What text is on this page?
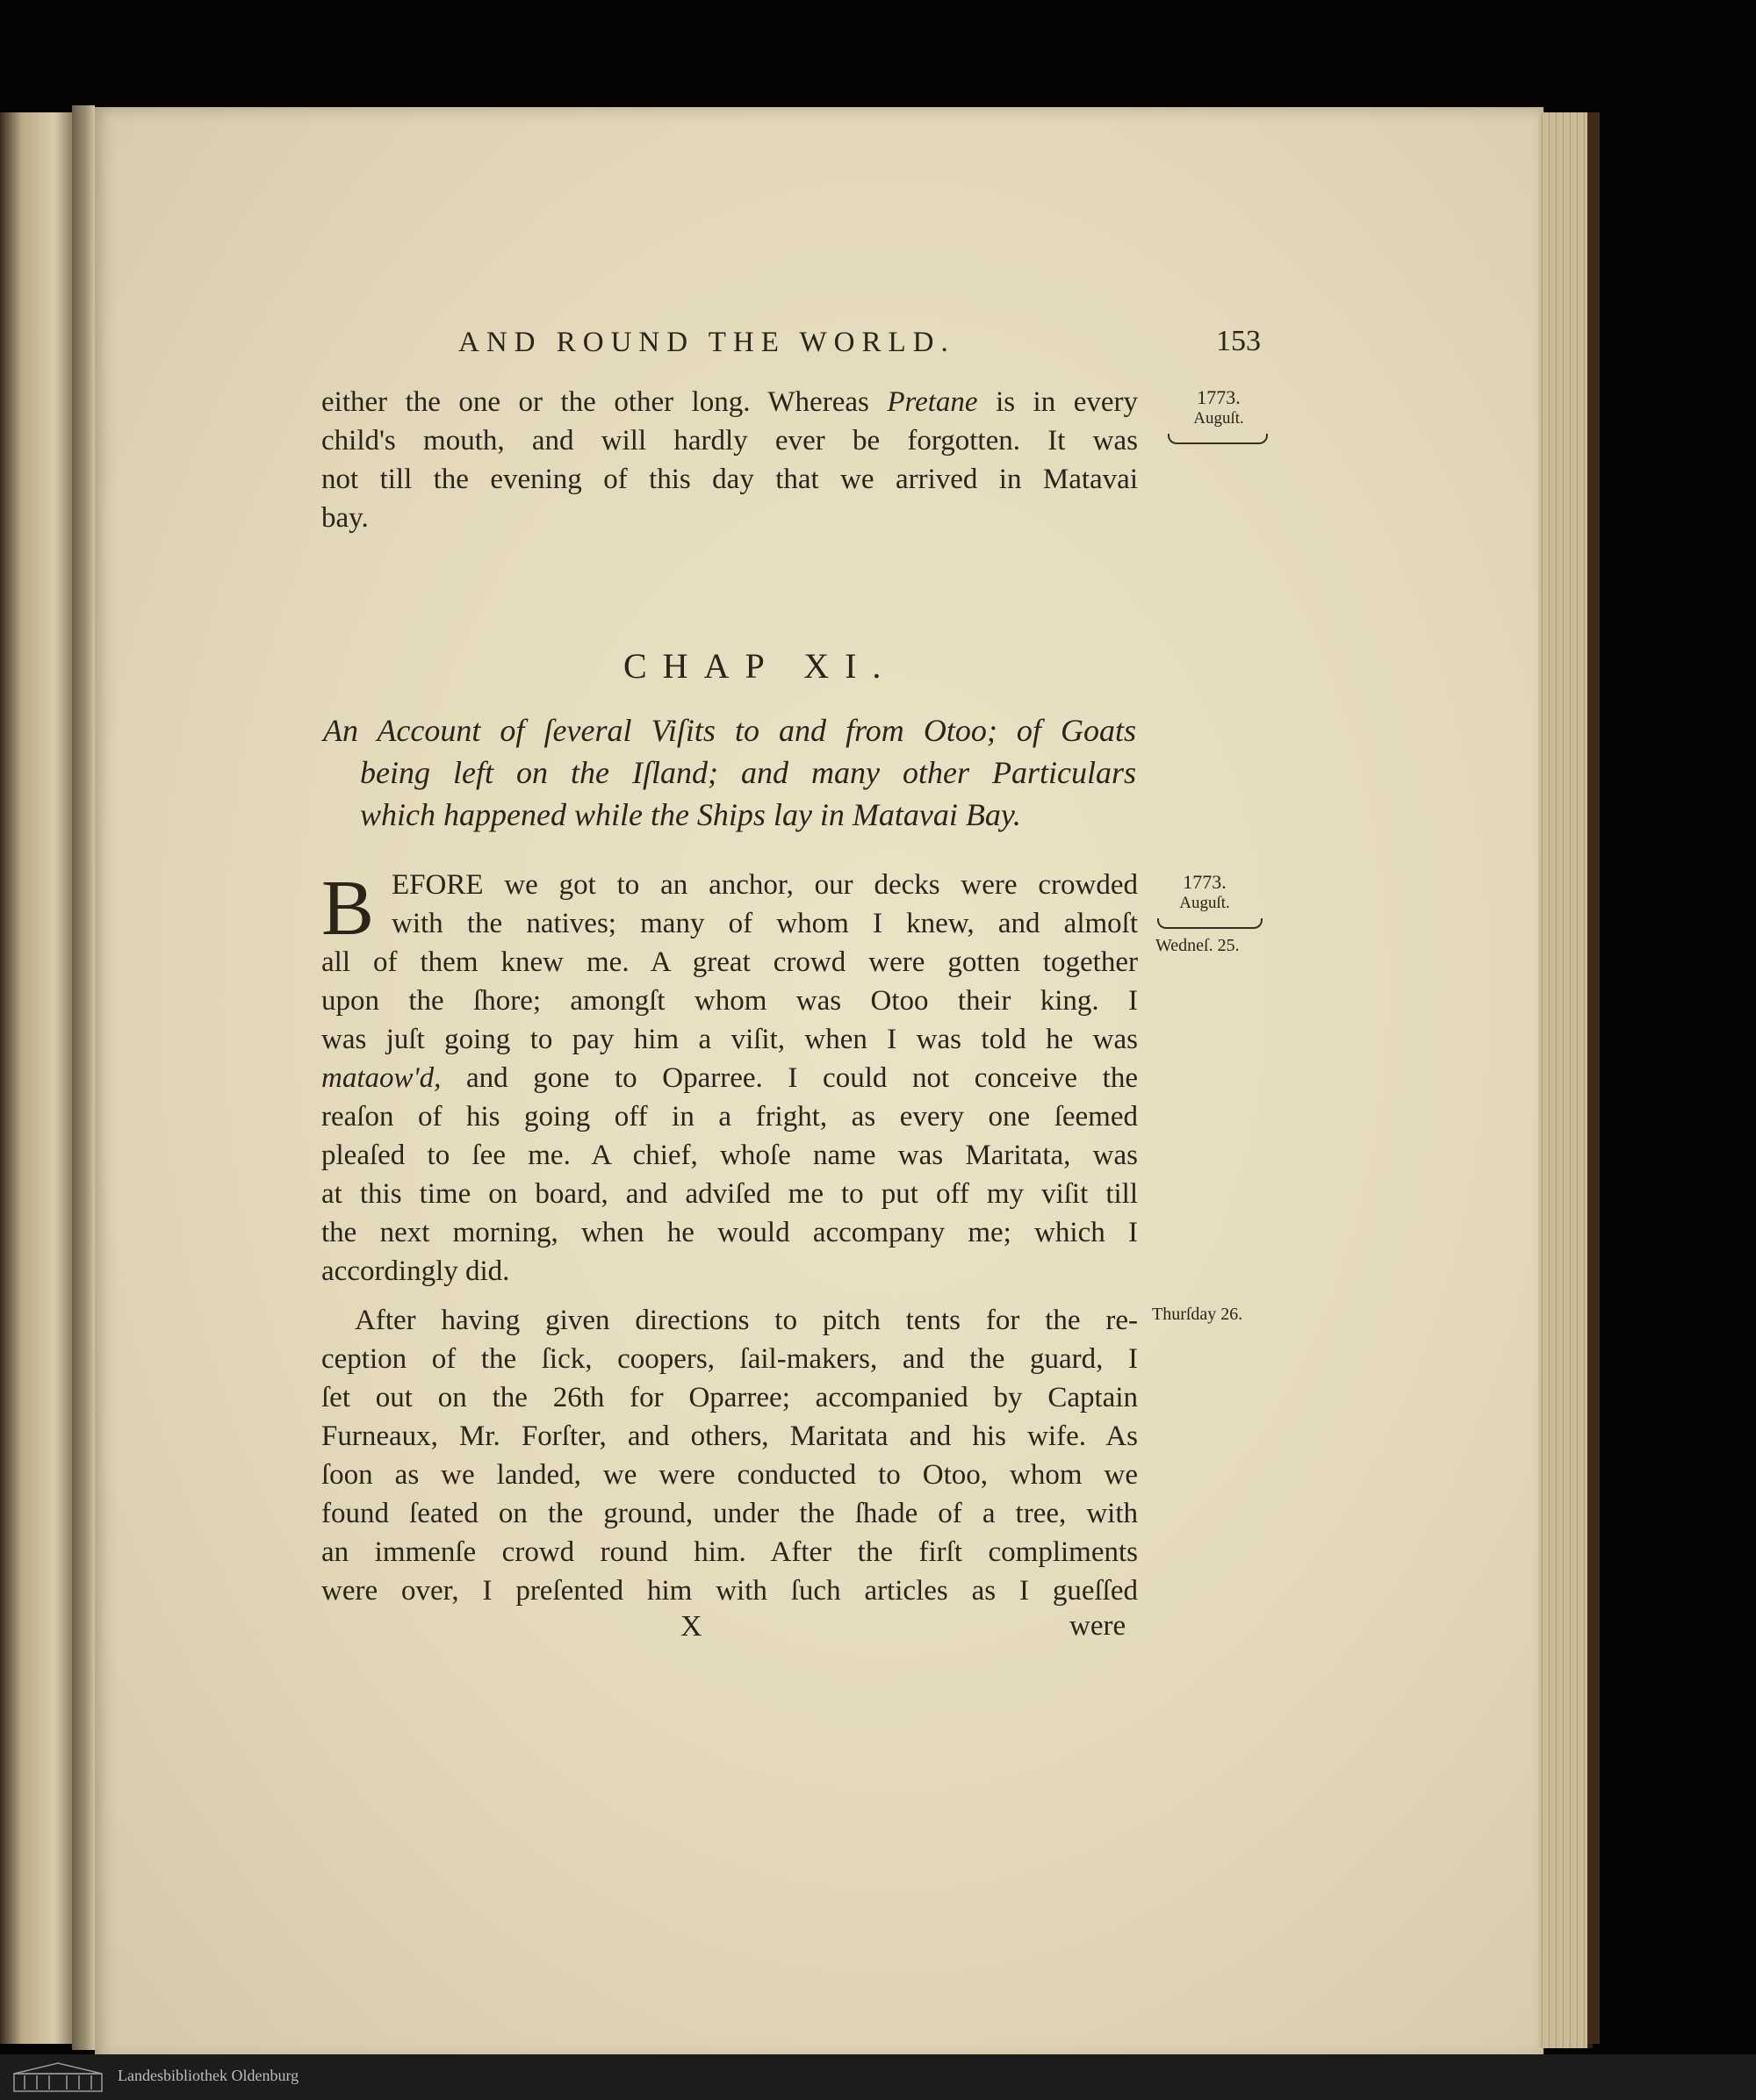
AND ROUND THE WORLD.	153
either the one or the other long. Whereas Pretane is in every
child's mouth, and will hardly ever be forgotten. It was
not till the evening of this day that we arrived in Matavai
bay.
CHAP XI.
An Account of ſeveral Viſits to and from Otoo; of Goats
being left on the Iſland; and many other Particulars
which happened while the Ships lay in Matavai Bay.
B EFORE we got to an anchor, our decks were crowded
with the natives; many of whom I knew, and almoſt
all of them knew me. A great crowd were gotten together
upon the ſhore; amongſt whom was Otoo their king. I
was juſt going to pay him a viſit, when I was told he was
mataow'd, and gone to Oparree. I could not conceive the
reaſon of his going off in a fright, as every one ſeemed
pleaſed to ſee me. A chief, whoſe name was Maritata, was
at this time on board, and adviſed me to put off my viſit till
the next morning, when he would accompany me; which I
accordingly did.
After having given directions to pitch tents for the re-
ception of the ſick, coopers, ſail-makers, and the guard, I
ſet out on the 26th for Oparree; accompanied by Captain
Furneaux, Mr. Forſter, and others, Maritata and his wife. As
ſoon as we landed, we were conducted to Otoo, whom we
found ſeated on the ground, under the ſhade of a tree, with
an immenſe crowd round him. After the firſt compliments
were over, I preſented him with ſuch articles as I gueſſed
X	were
1773.
Auguſt.
1773.
Auguſt.
Wedneſ. 25.
Thurſday 26.
Landesbibliothek Oldenburg
